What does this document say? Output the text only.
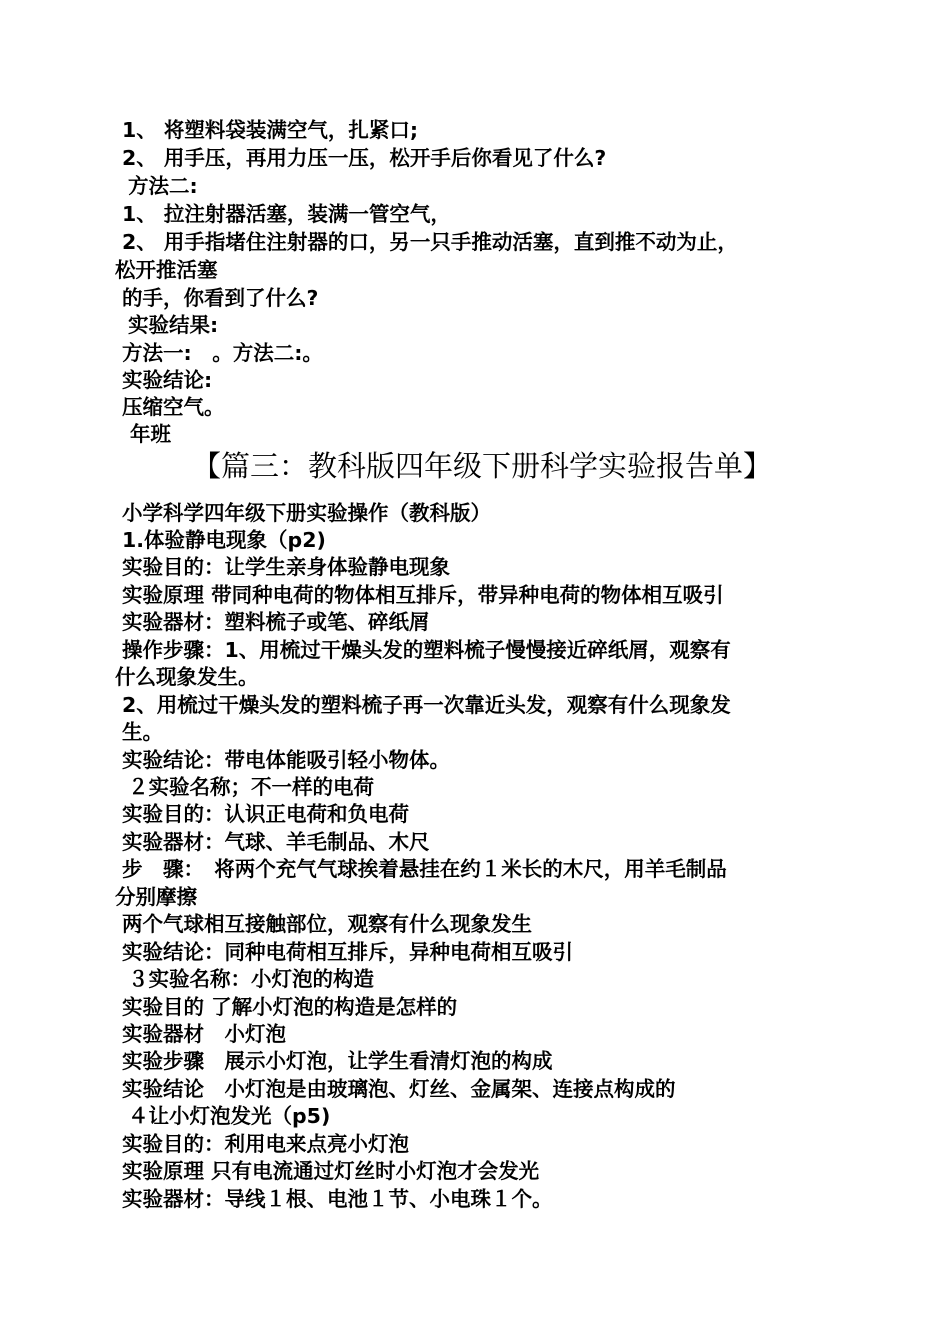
1、 将塑料袋装满空气，扎紧口;
2、 用手压，再用力压一压，松开手后你看见了什么?
方法二:
1、 拉注射器活塞，装满一管空气，
2、 用手指堵住注射器的口，另一只手推动活塞，直到推不动为止，
松开推活塞
的手，你看到了什么?
实验结果:
方法一:　。方法二:。
实验结论:
压缩空气。
年班
【篇三：教科版四年级下册科学实验报告单】
小学科学四年级下册实验操作（教科版）
1.体验静电现象（p2)
实验目的：让学生亲身体验静电现象
实验原理 带同种电荷的物体相互排斥，带异种电荷的物体相互吸引
实验器材：塑料梳子或笔、碎纸屑
操作步骤：1、用梳过干燥头发的塑料梳子慢慢接近碎纸屑，观察有
什么现象发生。
2、用梳过干燥头发的塑料梳子再一次靠近头发，观察有什么现象发
生。
实验结论：带电体能吸引轻小物体。
２实验名称；不一样的电荷
实验目的：认识正电荷和负电荷
实验器材：气球、羊毛制品、木尺
步　骤：　将两个充气气球挨着悬挂在约１米长的木尺，用羊毛制品
分别摩擦
两个气球相互接触部位，观察有什么现象发生
实验结论：同种电荷相互排斥，异种电荷相互吸引
３实验名称：小灯泡的构造
实验目的 了解小灯泡的构造是怎样的
实验器材　小灯泡
实验步骤　展示小灯泡，让学生看清灯泡的构成
实验结论　小灯泡是由玻璃泡、灯丝、金属架、连接点构成的
４让小灯泡发光（p5)
实验目的：利用电来点亮小灯泡
实验原理 只有电流通过灯丝时小灯泡才会发光
实验器材：导线１根、电池１节、小电珠１个。
